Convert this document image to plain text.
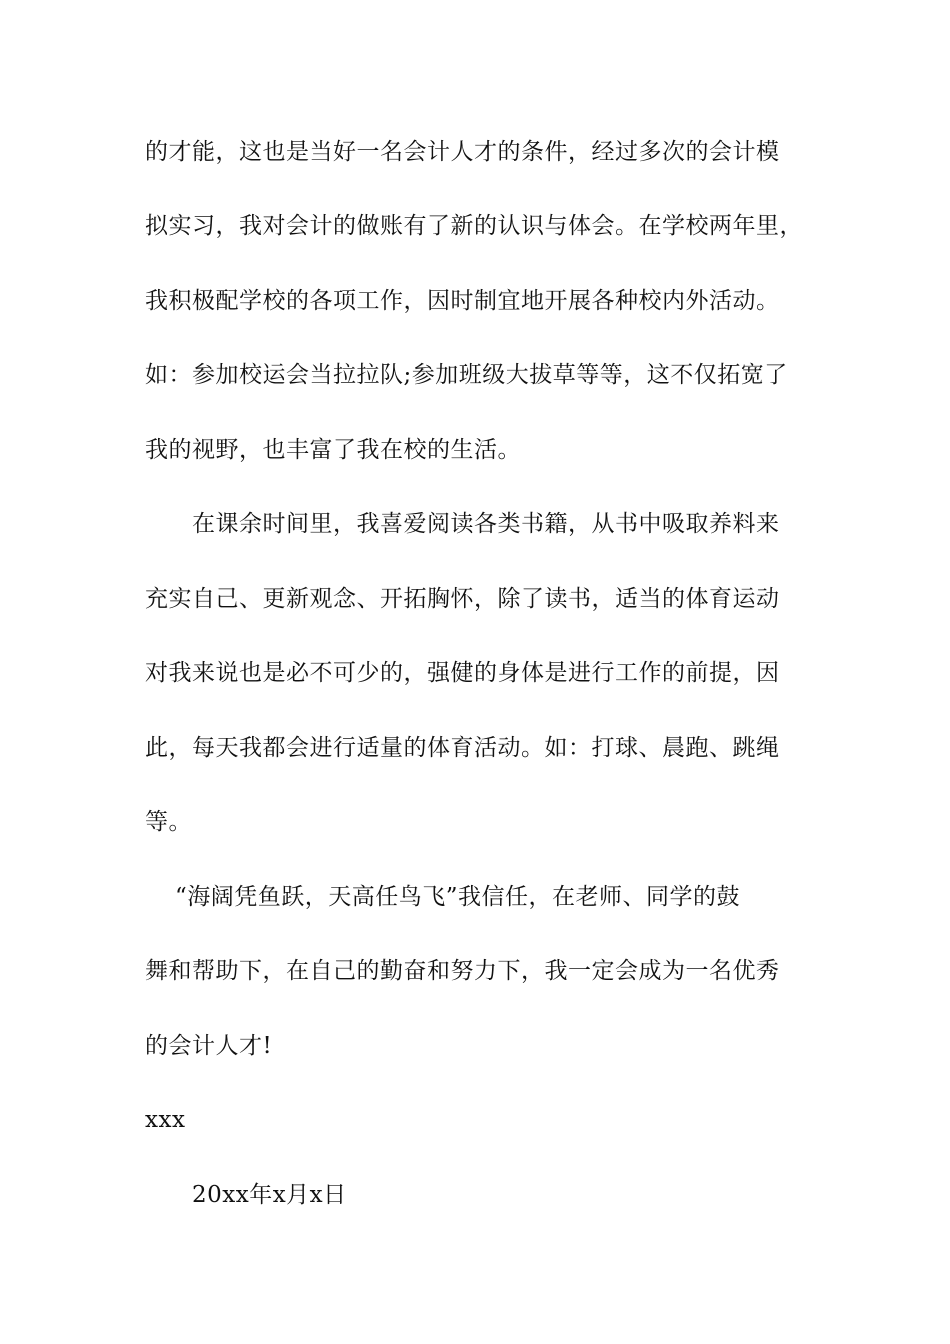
的才能，这也是当好一名会计人才的条件，经过多次的会计模
拟实习，我对会计的做账有了新的认识与体会。在学校两年里，
我积极配学校的各项工作，因时制宜地开展各种校内外活动。
如：参加校运会当拉拉队;参加班级大拔草等等，这不仅拓宽了
我的视野，也丰富了我在校的生活。
在课余时间里，我喜爱阅读各类书籍，从书中吸取养料来
充实自己、更新观念、开拓胸怀，除了读书，适当的体育运动
对我来说也是必不可少的，强健的身体是进行工作的前提，因
此，每天我都会进行适量的体育活动。如：打球、晨跑、跳绳
等。
“海阔凭鱼跃，天高任鸟飞”我信任，在老师、同学的鼓
舞和帮助下，在自己的勤奋和努力下，我一定会成为一名优秀
的会计人才!
xxx
20xx年x月x日
